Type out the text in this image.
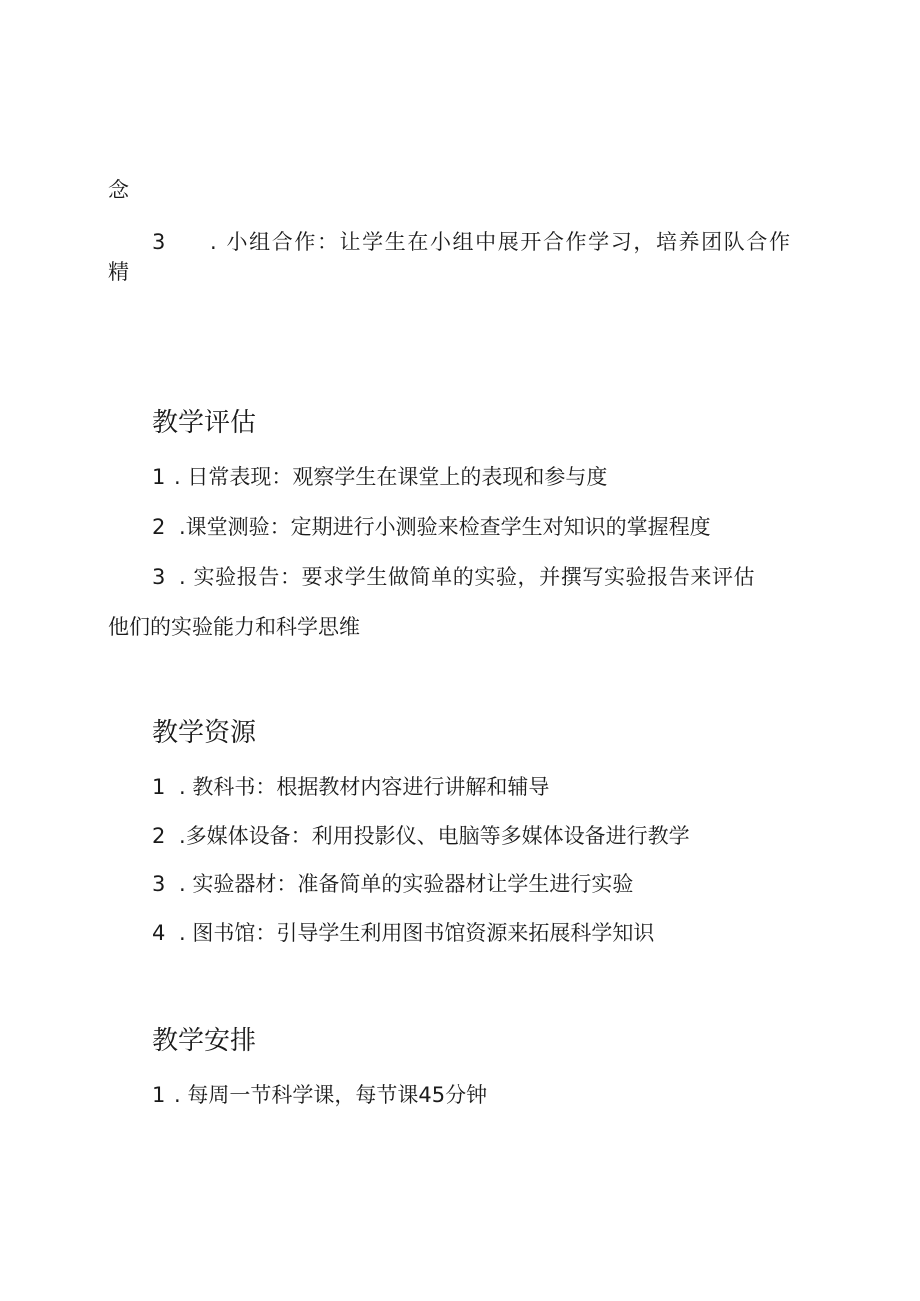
念
3 . 小组合作：让学生在小组中展开合作学习，培养团队合作
精
教学评估
1 . 日常表现：观察学生在课堂上的表现和参与度
2 .课堂测验：定期进行小测验来检查学生对知识的掌握程度
3 . 实验报告：要求学生做简单的实验，并撰写实验报告来评估
他们的实验能力和科学思维
教学资源
1 . 教科书：根据教材内容进行讲解和辅导
2 .多媒体设备：利用投影仪、电脑等多媒体设备进行教学
3 . 实验器材：准备简单的实验器材让学生进行实验
4 . 图书馆：引导学生利用图书馆资源来拓展科学知识
教学安排
1 . 每周一节科学课，每节课45分钟
